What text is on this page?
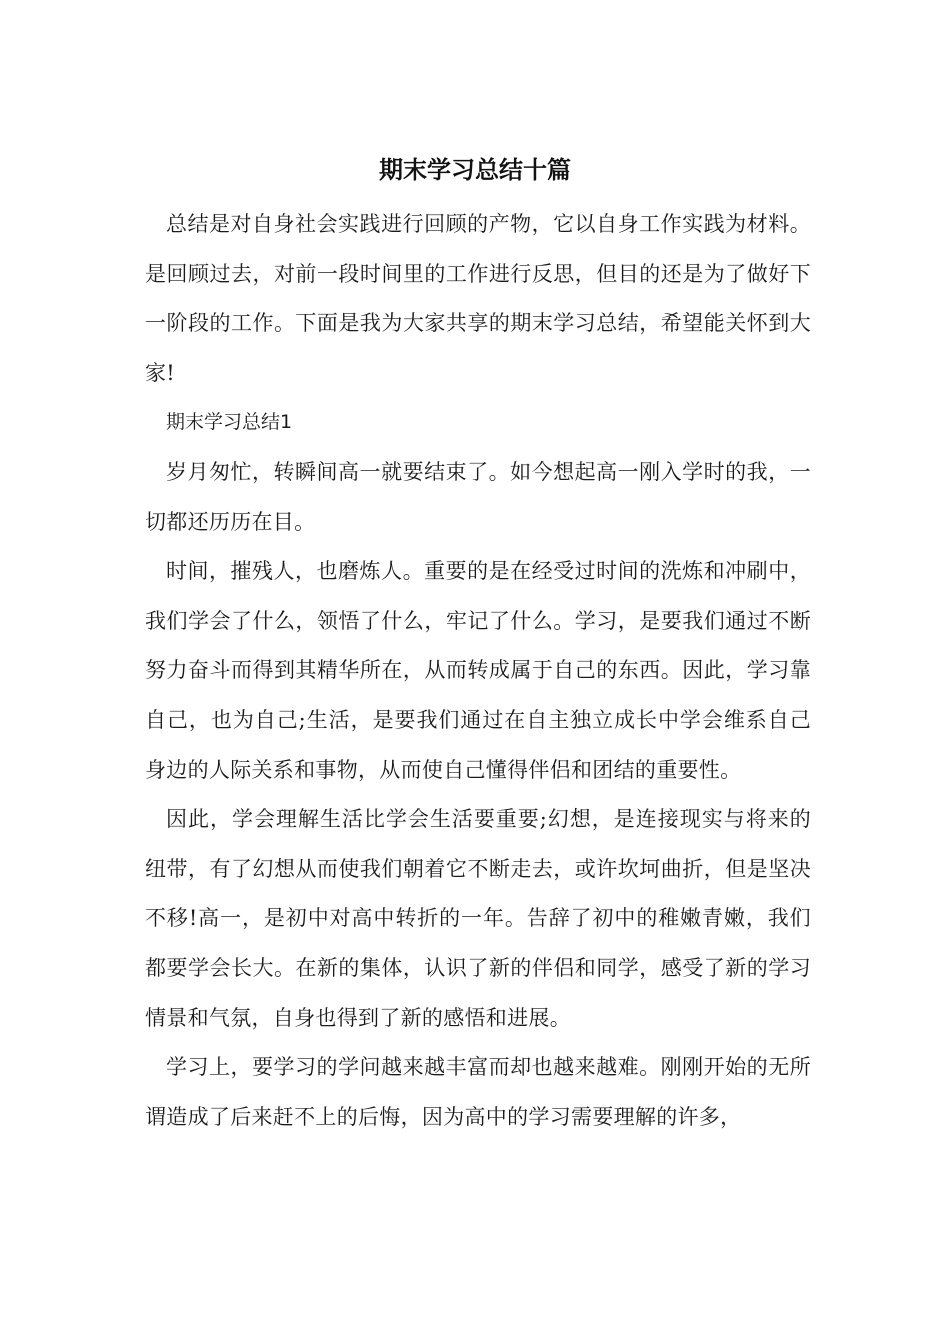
期末学习总结十篇

总结是对自身社会实践进行回顾的产物，它以自身工作实践为材料。是回顾过去，对前一段时间里的工作进行反思，但目的还是为了做好下一阶段的工作。下面是我为大家共享的期末学习总结，希望能关怀到大家!

期末学习总结1

岁月匆忙，转瞬间高一就要结束了。如今想起高一刚入学时的我，一切都还历历在目。

时间，摧残人，也磨炼人。重要的是在经受过时间的洗炼和冲刷中，我们学会了什么，领悟了什么，牢记了什么。学习，是要我们通过不断努力奋斗而得到其精华所在，从而转成属于自己的东西。因此，学习靠自己，也为自己;生活，是要我们通过在自主独立成长中学会维系自己身边的人际关系和事物，从而使自己懂得伴侣和团结的重要性。

因此，学会理解生活比学会生活要重要;幻想，是连接现实与将来的纽带，有了幻想从而使我们朝着它不断走去，或许坎坷曲折，但是坚决不移!高一，是初中对高中转折的一年。告辞了初中的稚嫩青嫩，我们都要学会长大。在新的集体，认识了新的伴侣和同学，感受了新的学习情景和气氛，自身也得到了新的感悟和进展。

学习上，要学习的学问越来越丰富而却也越来越难。刚刚开始的无所谓造成了后来赶不上的后悔，因为高中的学习需要理解的许多，
